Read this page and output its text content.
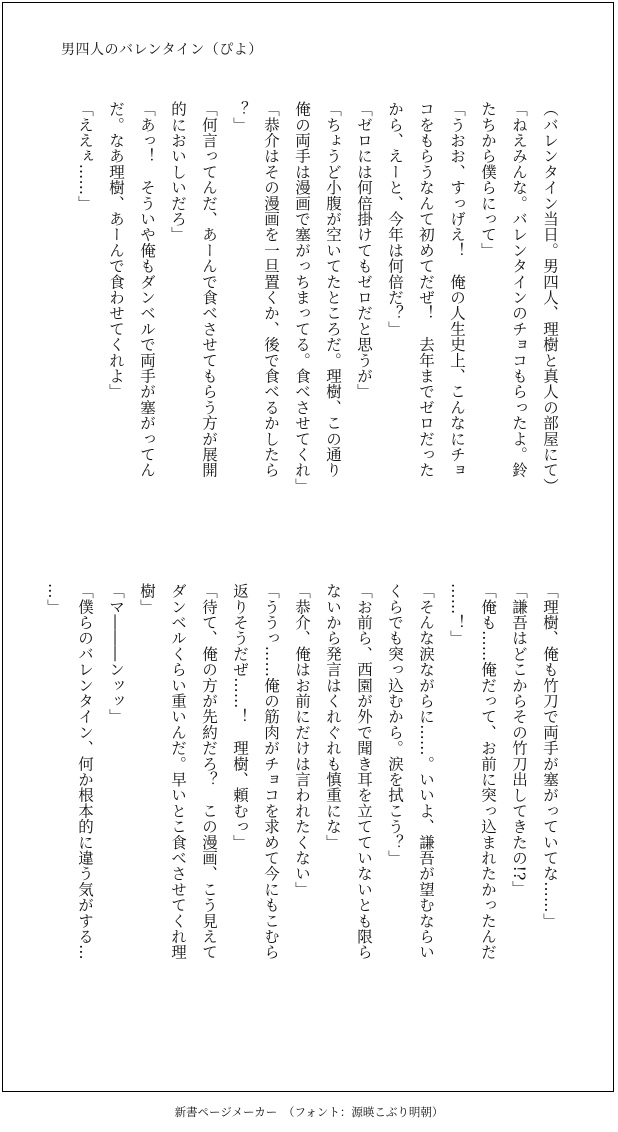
男四人のバレンタイン（ぴよ）

（バレンタイン当日。男四人、理樹と真人の部屋にて）
「ねえみんな。バレンタインのチョコもらったよ。鈴
たちから僕らにって」
「うおお、すっげえ！　俺の人生史上、こんなにチョ
コをもらうなんて初めてだぜ！　去年までゼロだった
から、えーと、今年は何倍だ？」
「ゼロには何倍掛けてもゼロだと思うが」
「ちょうど小腹が空いてたところだ。理樹、この通り
俺の両手は漫画で塞がっちまってる。食べさせてくれ」
「恭介はその漫画を一旦置くか、後で食べるかしたら
？」
「何言ってんだ、あーんで食べさせてもらう方が展開
的においしいだろ」
「あっ！　そういや俺もダンベルで両手が塞がってん
だ。なあ理樹、あーんで食わせてくれよ」
「ええぇ……」

「理樹、俺も竹刀で両手が塞がっていてな……」
「謙吾はどこからその竹刀出してきたの!?」
「俺も……俺だって、お前に突っ込まれたかったんだ
……！」
「そんな涙ながらに……。いいよ、謙吾が望むならい
くらでも突っ込むから。涙を拭こう？」
「お前ら、西園が外で聞き耳を立てていないとも限ら
ないから発言はくれぐれも慎重にな」
「恭介、俺はお前にだけは言われたくない」
「ううっ……俺の筋肉がチョコを求めて今にもこむら
返りそうだぜ……！　理樹、頼むっ」
「待て、俺の方が先約だろ？　この漫画、こう見えて
ダンベルくらい重いんだ。早いとこ食べさせてくれ理
樹」
「マ―――ンッッ」
「僕らのバレンタイン、何か根本的に違う気がする…
…」

新書ページメーカー　（フォント：源暎こぶり明朝）
